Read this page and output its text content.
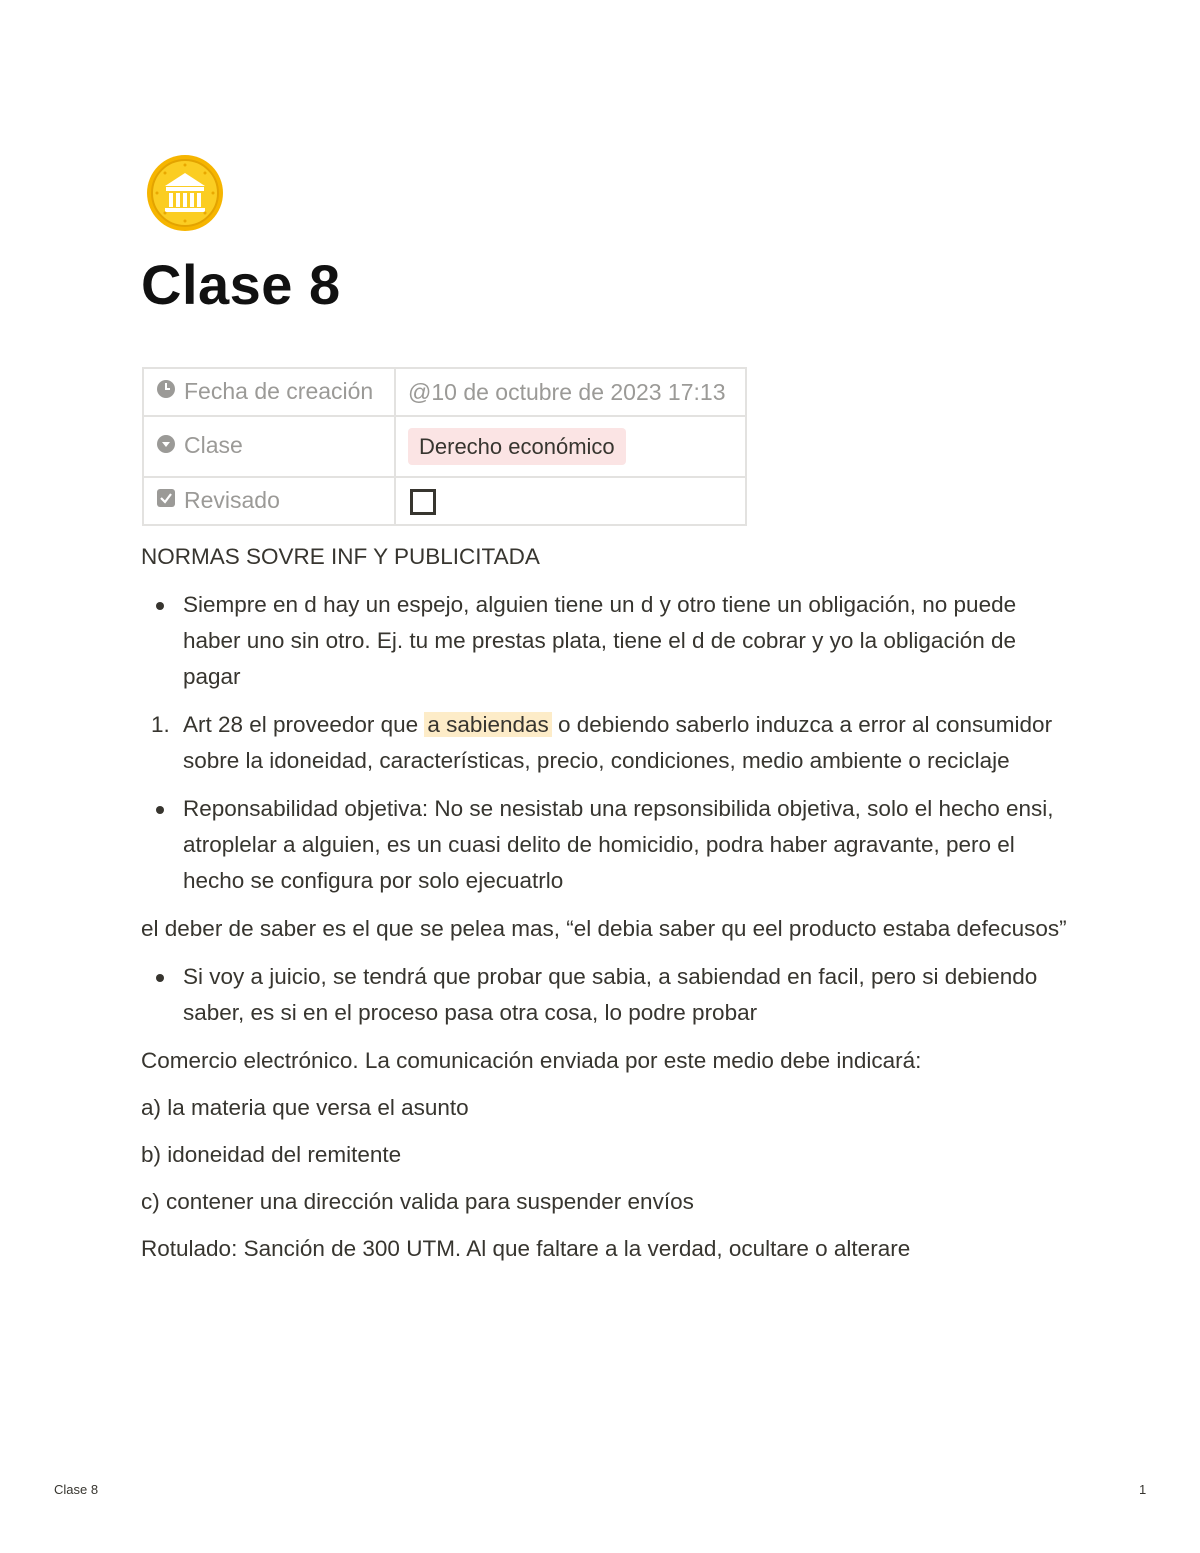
Clase 8
Fecha de creación	@10 de octubre de 2023 17:13
Clase	Derecho económico
Revisado	

NORMAS SOVRE INF Y PUBLICITADA

Siempre en d hay un espejo, alguien tiene un d y otro tiene un obligación, no puede haber uno sin otro. Ej. tu me prestas plata, tiene el d de cobrar y yo la obligación de pagar
1. Art 28 el proveedor que a sabiendas o debiendo saberlo induzca a error al consumidor sobre la idoneidad, características, precio, condiciones, medio ambiente o reciclaje
Reponsabilidad objetiva: No se nesistab una repsonsibilida objetiva, solo el hecho ensi, atroplelar a alguien, es un cuasi delito de homicidio, podra haber agravante, pero el hecho se configura por solo ejecuatrlo

el deber de saber es el que se pelea mas, “el debia saber qu eel producto estaba defecusos”

Si voy a juicio, se tendrá que probar que sabia, a sabiendad en facil, pero si debiendo saber, es si en el proceso pasa otra cosa, lo podre probar

Comercio electrónico. La comunicación enviada por este medio debe indicará:

a) la materia que versa el asunto

b) idoneidad del remitente

c) contener una dirección valida para suspender envíos

Rotulado: Sanción de 300 UTM. Al que faltare a la verdad, ocultare o alterare

Clase 8	1
